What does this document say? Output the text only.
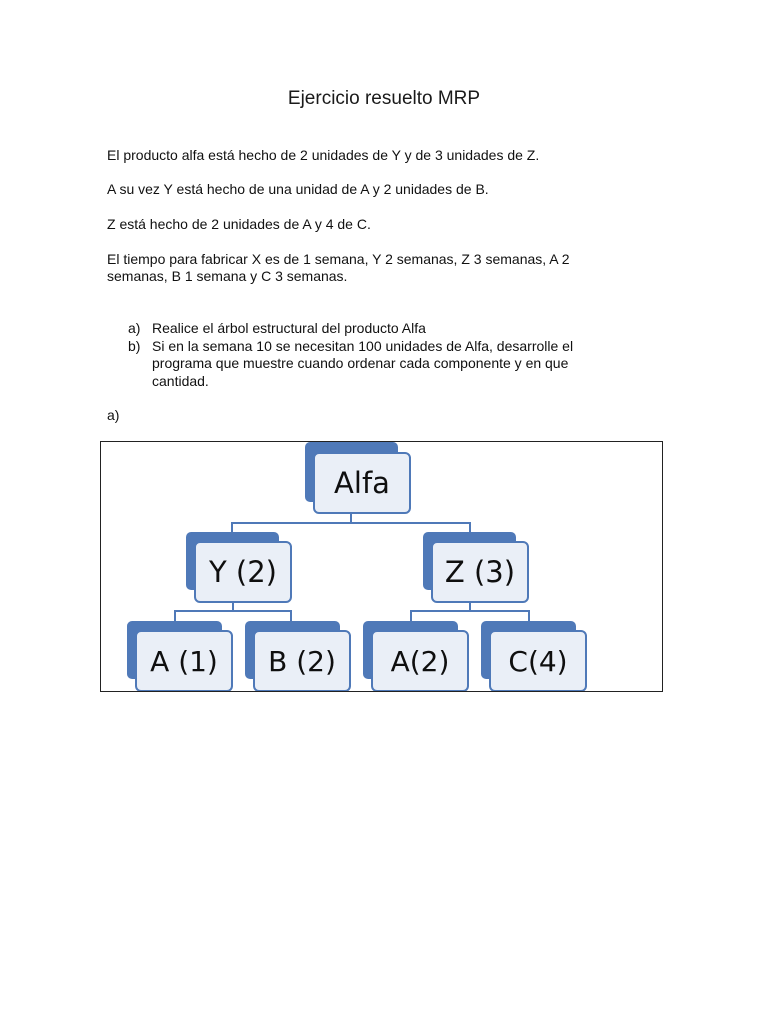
Ejercicio resuelto MRP
El producto alfa está hecho de 2 unidades de Y y de 3 unidades de Z.
A su vez Y está hecho de una unidad de A y 2 unidades de B.
Z está hecho de 2 unidades de A y 4 de C.
El tiempo para fabricar X es de 1 semana, Y 2 semanas, Z 3 semanas, A 2 semanas, B 1 semana y C 3 semanas.
a) Realice el árbol estructural del producto Alfa
b) Si en la semana 10 se necesitan 100 unidades de Alfa, desarrolle el programa que muestre cuando ordenar cada componente y en que cantidad.
a)
Alfa
Y (2)	Z (3)
A (1)	B (2)	A(2)	C(4)
